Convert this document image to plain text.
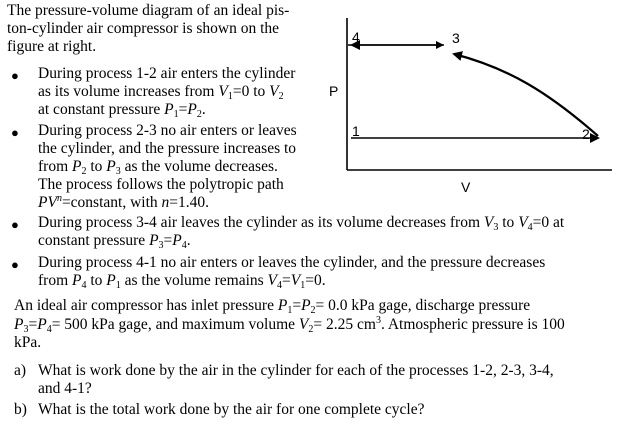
The pressure-volume diagram of an ideal pis-
ton-cylinder air compressor is shown on the
figure at right.
● During process 1-2 air enters the cylinder
as its volume increases from $V_1=0$ to $V_2$
at constant pressure $P_1=P_2$.
● During process 2-3 no air enters or leaves
the cylinder, and the pressure increases to
from $P_2$ to $P_3$ as the volume decreases.
The process follows the polytropic path
$PV^n=constant$, with n=1.40.
● During process 3-4 air leaves the cylinder as its volume decreases from $V_3$ to $V_4=0$ at
constant pressure $P_3=P_4$.
● During process 4-1 no air enters or leaves the cylinder, and the pressure decreases
from $P_4$ to $P_1$ as the volume remains $V_4=V_1=0$.
An ideal air compressor has inlet pressure $P_1=P_2= 0.0$ kPa gage, discharge pressure
$P_3=P_4= 500$ kPa gage, and maximum volume $V_2= 2.25$ $cm^3$. Atmospheric pressure is 100
kPa.
a) What is work done by the air in the cylinder for each of the processes 1-2, 2-3, 3-4,
and 4-1?
b) What is the total work done by the air for one complete cycle?
4	3
1	2
P
V
